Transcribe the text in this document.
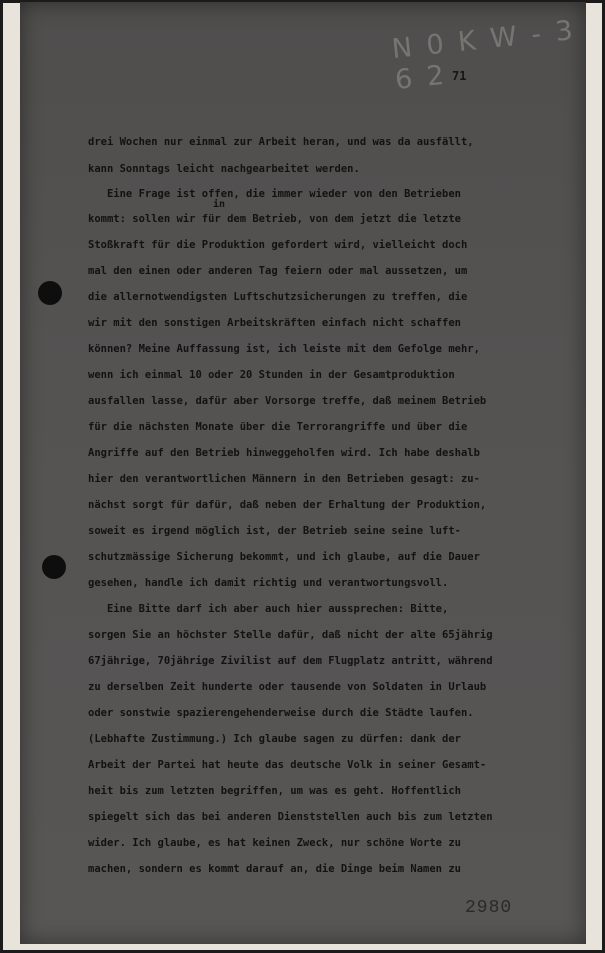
N 0 K W - 3 6 2 71
2980
in

drei Wochen nur einmal zur Arbeit heran, und was da ausfällt,

kann Sonntags leicht nachgearbeitet werden.

Eine Frage ist offen, die immer wieder von den Betrieben

kommt: sollen wir für dem Betrieb, von dem jetzt die letzte

Stoßkraft für die Produktion gefordert wird, vielleicht doch

mal den einen oder anderen Tag feiern oder mal aussetzen, um

die allernotwendigsten Luftschutzsicherungen zu treffen, die

wir mit den sonstigen Arbeitskräften einfach nicht schaffen

können? Meine Auffassung ist, ich leiste mit dem Gefolge mehr,

wenn ich einmal 10 oder 20 Stunden in der Gesamtproduktion

ausfallen lasse, dafür aber Vorsorge treffe, daß meinem Betrieb

für die nächsten Monate über die Terrorangriffe und über die

Angriffe auf den Betrieb hinweggeholfen wird. Ich habe deshalb

hier den verantwortlichen Männern in den Betrieben gesagt: zu-

nächst sorgt für dafür, daß neben der Erhaltung der Produktion,

soweit es irgend möglich ist, der Betrieb seine seine luft-

schutzmässige Sicherung bekommt, und ich glaube, auf die Dauer

gesehen, handle ich damit richtig und verantwortungsvoll.

Eine Bitte darf ich aber auch hier aussprechen: Bitte,

sorgen Sie an höchster Stelle dafür, daß nicht der alte 65jährig

67jährige, 70jährige Zivilist auf dem Flugplatz antritt, während

zu derselben Zeit hunderte oder tausende von Soldaten in Urlaub

oder sonstwie spazierengehenderweise durch die Städte laufen.

(Lebhafte Zustimmung.) Ich glaube sagen zu dürfen: dank der

Arbeit der Partei hat heute das deutsche Volk in seiner Gesamt-

heit bis zum letzten begriffen, um was es geht. Hoffentlich

spiegelt sich das bei anderen Dienststellen auch bis zum letzten

wider. Ich glaube, es hat keinen Zweck, nur schöne Worte zu

machen, sondern es kommt darauf an, die Dinge beim Namen zu
